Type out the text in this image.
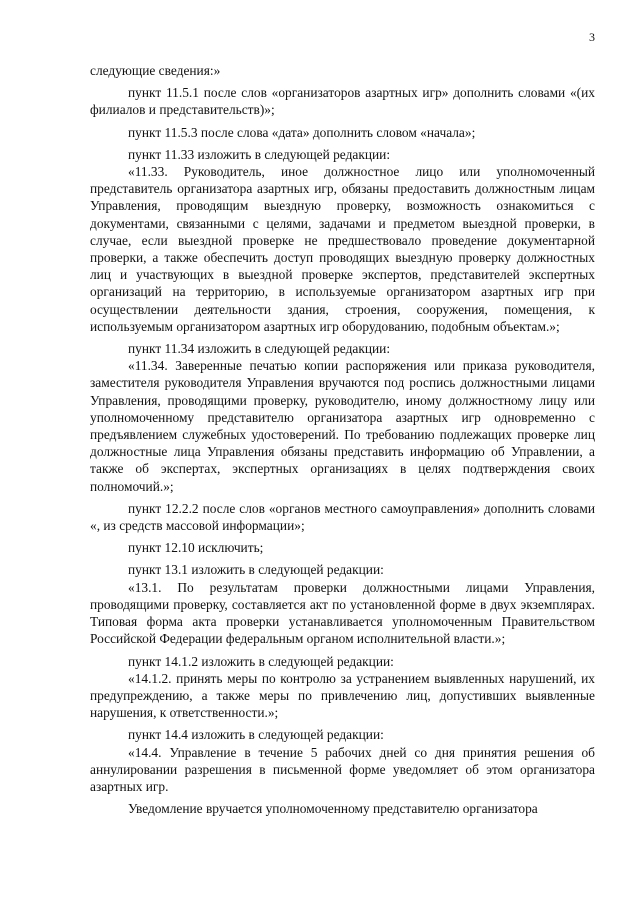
3

следующие сведения:»

пункт 11.5.1 после слов «организаторов азартных игр» дополнить словами «(их филиалов и представительств)»;

пункт 11.5.3 после слова «дата» дополнить словом «начала»;

пункт 11.33 изложить в следующей редакции:

«11.33. Руководитель, иное должностное лицо или уполномоченный представитель организатора азартных игр, обязаны предоставить должностным лицам Управления, проводящим выездную проверку, возможность ознакомиться с документами, связанными с целями, задачами и предметом выездной проверки, в случае, если выездной проверке не предшествовало проведение документарной проверки, а также обеспечить доступ проводящих выездную проверку должностных лиц и участвующих в выездной проверке экспертов, представителей экспертных организаций на территорию, в используемые организатором азартных игр при осуществлении деятельности здания, строения, сооружения, помещения, к используемым организатором азартных игр оборудованию, подобным объектам.»;

пункт 11.34 изложить в следующей редакции:

«11.34. Заверенные печатью копии распоряжения или приказа руководителя, заместителя руководителя Управления вручаются под роспись должностными лицами Управления, проводящими проверку, руководителю, иному должностному лицу или уполномоченному представителю организатора азартных игр одновременно с предъявлением служебных удостоверений. По требованию подлежащих проверке лиц должностные лица Управления обязаны представить информацию об Управлении, а также об экспертах, экспертных организациях в целях подтверждения своих полномочий.»;

пункт 12.2.2 после слов «органов местного самоуправления» дополнить словами «, из средств массовой информации»;

пункт 12.10 исключить;

пункт 13.1 изложить в следующей редакции:

«13.1. По результатам проверки должностными лицами Управления, проводящими проверку, составляется акт по установленной форме в двух экземплярах. Типовая форма акта проверки устанавливается уполномоченным Правительством Российской Федерации федеральным органом исполнительной власти.»;

пункт 14.1.2 изложить в следующей редакции:

«14.1.2. принять меры по контролю за устранением выявленных нарушений, их предупреждению, а также меры по привлечению лиц, допустивших выявленные нарушения, к ответственности.»;

пункт 14.4 изложить в следующей редакции:

«14.4. Управление в течение 5 рабочих дней со дня принятия решения об аннулировании разрешения в письменной форме уведомляет об этом организатора азартных игр.

Уведомление вручается уполномоченному представителю организатора
